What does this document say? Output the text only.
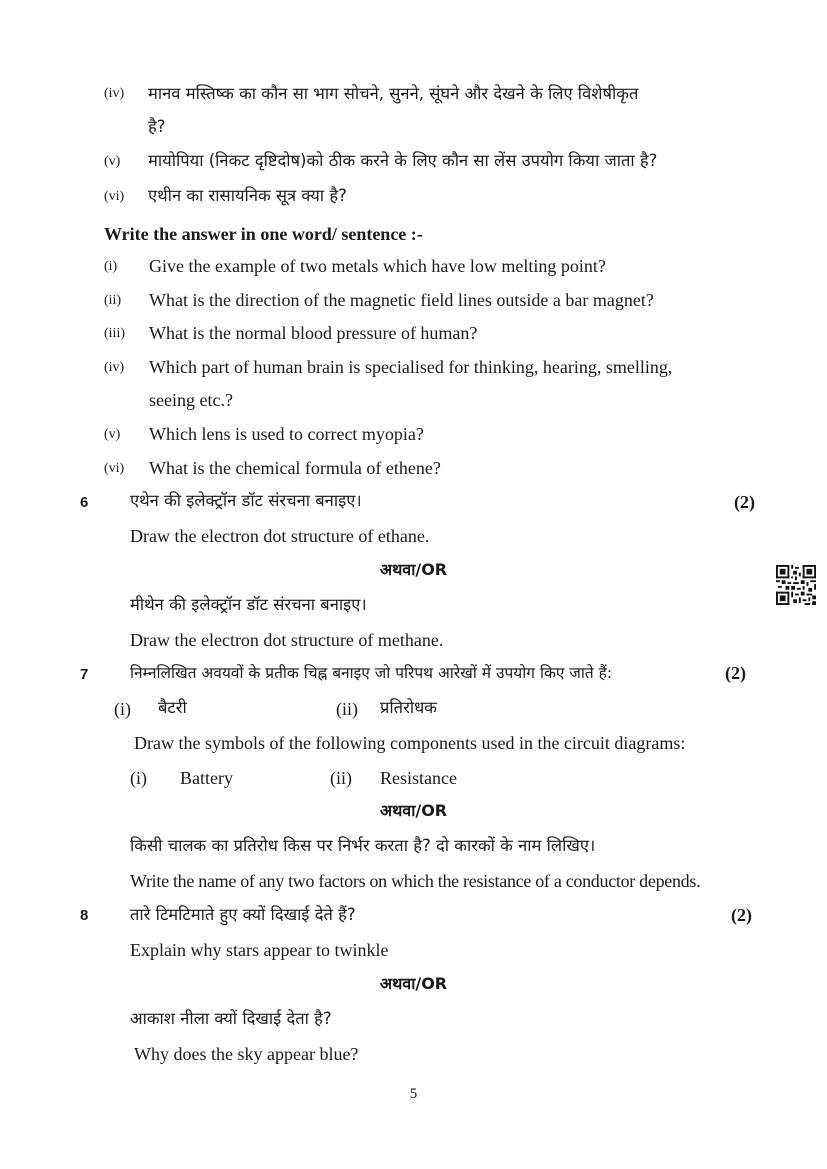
(iv) मानव मस्तिष्क का कौन सा भाग सोचने, सुनने, सूंघने और देखने के लिए विशेषीकृत
है?
(v) मायोपिया (निकट दृष्टिदोष)को ठीक करने के लिए कौन सा लेंस उपयोग किया जाता है?
(vi) एथीन का रासायनिक सूत्र क्या है?
Write the answer in one word/ sentence :-
(i) Give the example of two metals which have low melting point?
(ii) What is the direction of the magnetic field lines outside a bar magnet?
(iii) What is the normal blood pressure of human?
(iv) Which part of human brain is specialised for thinking, hearing, smelling,
seeing etc.?
(v) Which lens is used to correct myopia?
(vi) What is the chemical formula of ethene?
6	एथेन की इलेक्ट्रॉन डॉट संरचना बनाइए।	(2)
Draw the electron dot structure of ethane.
अथवा/OR
मीथेन की इलेक्ट्रॉन डॉट संरचना बनाइए।
Draw the electron dot structure of methane.
7	निम्नलिखित अवयवों के प्रतीक चिह्न बनाइए जो परिपथ आरेखों में उपयोग किए जाते हैं:	(2)
(i) बैटरी	(ii) प्रतिरोधक
Draw the symbols of the following components used in the circuit diagrams:
(i) Battery	(ii) Resistance
अथवा/OR
किसी चालक का प्रतिरोध किस पर निर्भर करता है? दो कारकों के नाम लिखिए।
Write the name of any two factors on which the resistance of a conductor depends.
8	तारे टिमटिमाते हुए क्यों दिखाई देते हैं?	(2)
Explain why stars appear to twinkle
अथवा/OR
आकाश नीला क्यों दिखाई देता है?
Why does the sky appear blue?
5
